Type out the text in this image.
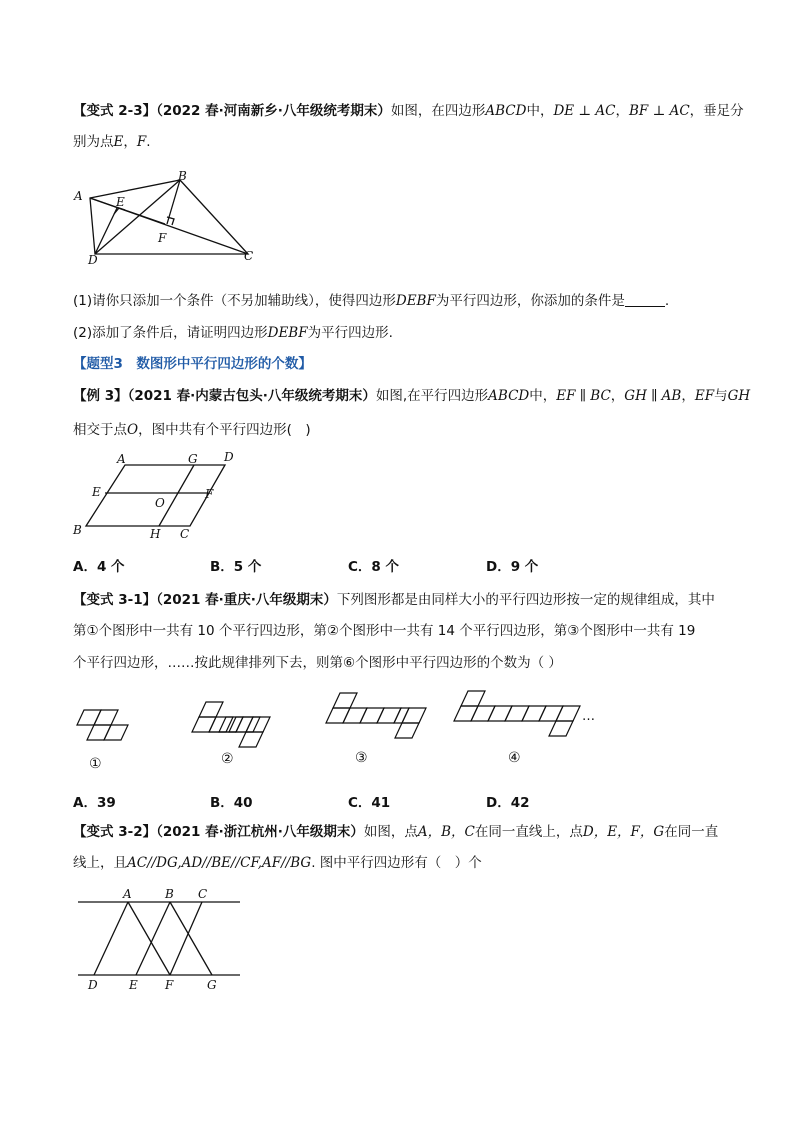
【变式 2-3】（2022 春·河南新乡·八年级统考期末）如图，在四边形ABCD中，DE ⊥ AC，BF ⊥ AC，垂足分
别为点E，F.
A
B
C
D
E
F
(1)请你只添加一个条件（不另加辅助线），使得四边形DEBF为平行四边形，你添加的条件是	.
(2)添加了条件后，请证明四边形DEBF为平行四边形.
【题型3　数图形中平行四边形的个数】
【例 3】（2021 春·内蒙古包头·八年级统考期末）如图,在平行四边形ABCD中，EF ∥ BC，GH ∥ AB，EF与GH
相交于点O，图中共有个平行四边形(　)
A	G D
E
O
F
B	H C
A．4 个	B．5 个	C．8 个	D．9 个
【变式 3-1】（2021 春·重庆·八年级期末）下列图形都是由同样大小的平行四边形按一定的规律组成，其中
第①个图形中一共有 10 个平行四边形，第②个图形中一共有 14 个平行四边形，第③个图形中一共有 19
个平行四边形，……按此规律排列下去，则第⑥个图形中平行四边形的个数为（ ）
…
①	②	③	④
A．39	B．40	C．41	D．42
【变式 3-2】（2021 春·浙江杭州·八年级期末）如图，点A，B，C在同一直线上，点D，E，F，G在同一直
线上，且AC//DG,AD//BE//CF,AF//BG. 图中平行四边形有（　）个
A	B C
D	E F	G
